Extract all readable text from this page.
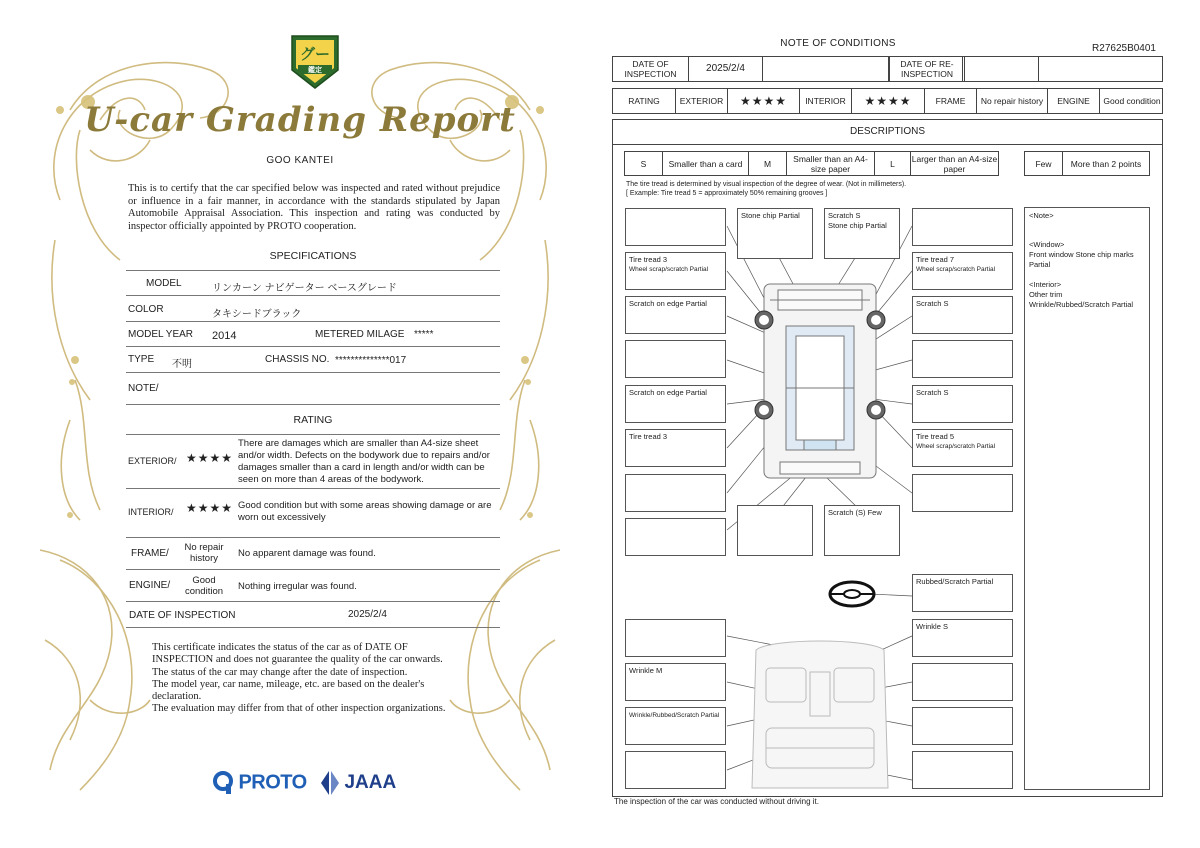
グー
鑑定
U-car Grading Report
GOO KANTEI
This is to certify that the car specified below was inspected and rated without prejudice or influence in a fair manner, in accordance with the standards stipulated by Japan Automobile Appraisal Association. This inspection and rating was conducted by inspector officially appointed by PROTO cooperation.
SPECIFICATIONS
MODEL	リンカーン ナビゲーター ベースグレード
COLOR	タキシードブラック
MODEL YEAR 2014	METERED MILAGE *****
TYPE 不明	CHASSIS NO. **************017
NOTE/
RATING
EXTERIOR/ ★★★★
There are damages which are smaller than A4-size sheet and/or width. Defects on the bodywork due to repairs and/or damages smaller than a card in length and/or width can be seen on more than 4 areas of the bodywork.
INTERIOR/ ★★★★ Good condition but with some areas showing damage or are worn out excessively
FRAME/
No repair history	No apparent damage was found.
ENGINE/	Good condition	Nothing irregular was found.
DATE OF INSPECTION	2025/2/4
This certificate indicates the status of the car as of DATE OF
INSPECTION and does not guarantee the quality of the car onwards.
The status of the car may change after the date of inspection.
The model year, car name, mileage, etc. are based on the dealer's
declaration.
The evaluation may differ from that of other inspection organizations.
PROTO	JAAA
NOTE OF CONDITIONS	R27625B0401
DATE OF INSPECTION	2025/2/4	DATE OF RE-INSPECTION
RATING	EXTERIOR	★★★★	INTERIOR	★★★★	FRAME	No repair history	ENGINE	Good condition
DESCRIPTIONS
S	Smaller than a card	M	Smaller than an A4-size paper	L	Larger than an A4-size paper	Few	More than 2 points
The tire tread is determined by visual inspection of the degree of wear. (Not in millimeters).
[ Example: Tire tread 5 = approximately 50% remaining grooves ]
Stone chip Partial	Scratch S
Stone chip Partial
Tire tread 3
Wheel scrap/scratch Partial
Tire tread 7
Wheel scrap/scratch Partial
Scratch on edge Partial	Scratch S
Scratch on edge Partial	Scratch S
Tire tread 3	Tire tread 5
Wheel scrap/scratch Partial
Scratch (S) Few
Rubbed/Scratch Partial
Wrinkle S
Wrinkle M
Wrinkle/Rubbed/Scratch Partial
<Note>
<Window>
Front window Stone chip marks Partial
<Interior>
Other trim Wrinkle/Rubbed/Scratch Partial
The inspection of the car was conducted without driving it.
